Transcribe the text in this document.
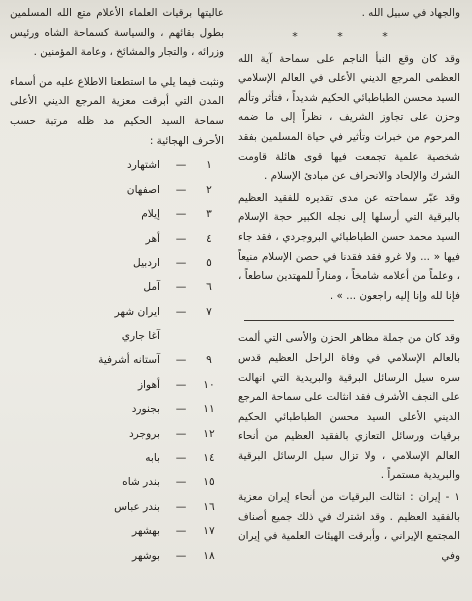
والجهاد في سبيل الله .

* * *

وقد كان وقع النبأ الناجم على سماحة آية الله العظمى المرجع الديني الأعلى في العالم الإسلامي السيد محسن الطباطبائي الحكيم شديداً ، فتأثر وتألم وحزن على تجاوز الشريف ، نظراً إلى ما ضمه المرحوم من خبرات وتأثير في حياة المسلمين بفقد شخصية علمية تجمعت فيها قوى هائلة قاومت الشرك والإلحاد والانحراف عن مبادئ الإسلام .

وقد عبّر سماحته عن مدى تقديره للفقيد العظيم بالبرقية التي أرسلها إلى نجله الكبير حجة الإسلام السيد محمد حسن الطباطبائي البروجردي ، فقد جاء فيها « ... ولا غرو فقد فقدنا في حصن الإسلام منيعاً ، وعلماً من أعلامه شامخاً ، ومناراً للمهتدين ساطعاً ، فإنا لله وإنا إليه راجعون ... » .

وقد كان من جملة مظاهر الحزن والأسى التي ألمت بالعالم الإسلامي في وفاة الراحل العظيم قدس سره سيل الرسائل البرقية والبريدية التي انهالت على النجف الأشرف فقد انثالت على سماحة المرجع الديني الأعلى السيد محسن الطباطبائي الحكيم برقيات ورسائل التعازي بالفقيد العظيم من أنحاء العالم الإسلامي ، ولا تزال سيل الرسائل البرقية والبريدية مستمراً .

١ - إيران : انثالت البرقيات من أنحاء إيران معزية بالفقيد العظيم . وقد اشترك في ذلك جميع أصناف المجتمع الإيراني ، وأبرقت الهيئات العلمية في إيران وفي

عاليتها برقيات العلماء الأعلام متع الله المسلمين بطول بقائهم ، والسياسة كسماحة الشاه ورئيس وزرائه ، والتجار والمشائخ ، وعامة المؤمنين .

ونثبت فيما يلي ما استطعنا الاطلاع عليه من أسماء المدن التي أبرقت معزية المرجع الديني الأعلى سماحة السيد الحكيم مد ظله مرتبة حسب الأحرف الهجائية :

١
—
اشتهارد
٢
—
اصفهان
٣
—
إيلام
٤
—
أهر
٥
—
اردبيل
٦
—
آمل
٧
—
ايران شهر
آغا جاري
٩
—
آستانه أشرفية
١٠
—
أهواز
١١
—
بجنورد
١٢
—
بروجرد
١٤
—
بابه
١٥
—
بندر شاه
١٦
—
بندر عباس
١٧
—
بهشهر
١٨
—
بوشهر
